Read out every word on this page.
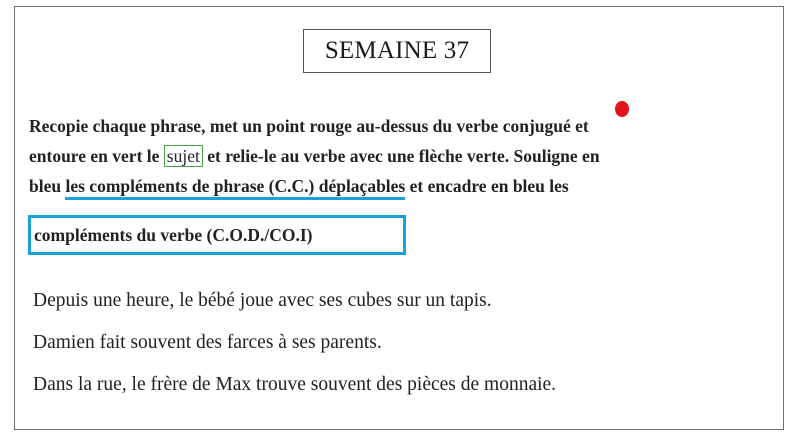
SEMAINE 37
Recopie chaque phrase, met un point rouge au-dessus du verbe conjugué et
entoure en vert le sujet et relie-le au verbe avec une flèche verte. Souligne en
bleu les compléments de phrase (C.C.) déplaçables et encadre en bleu les
compléments du verbe (C.O.D./CO.I)
Depuis une heure, le bébé joue avec ses cubes sur un tapis.
Damien fait souvent des farces à ses parents.
Dans la rue, le frère de Max trouve souvent des pièces de monnaie.
